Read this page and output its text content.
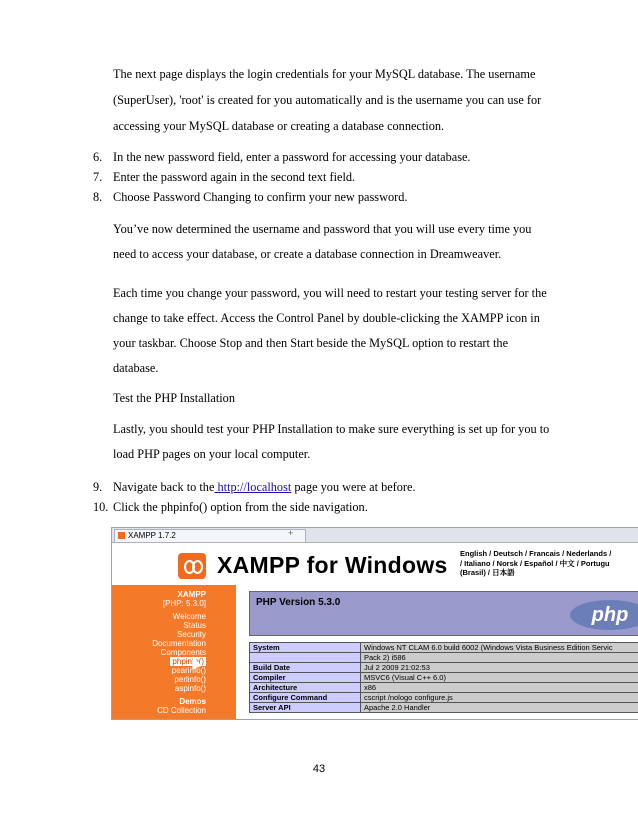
The next page displays the login credentials for your MySQL database. The username
(SuperUser), 'root' is created for you automatically and is the username you can use for
accessing your MySQL database or creating a database connection.
6. In the new password field, enter a password for accessing your database.
7. Enter the password again in the second text field.
8. Choose Password Changing to confirm your new password.
You’ve now determined the username and password that you will use every time you
need to access your database, or create a database connection in Dreamweaver.
Each time you change your password, you will need to restart your testing server for the
change to take effect. Access the Control Panel by double-clicking the XAMPP icon in
your taskbar. Choose Stop and then Start beside the MySQL option to restart the
database.
Test the PHP Installation
Lastly, you should test your PHP Installation to make sure everything is set up for you to
load PHP pages on your local computer.
9. Navigate back to the http://localhost page you were at before.
10. Click the phpinfo() option from the side navigation.
XAMPP 1.7.2	+
XAMPP for Windows English / Deutsch / Francais / Nederlands /
/ Italiano / Norsk / Español / 中文 / Portugu
(Brasil) / 日本語
XAMPP
[PHP: 5.3.0]
Welcome
Status
Security
Documentation
Components
phpinfo()
pearinfo()
perlinfo()
aspinfo()
Demos
CD Collection
PHP Version 5.3.0
php
System	Windows NT CLAM 6.0 build 6002 (Windows Vista Business Edition Servic
	Pack 2) i586
Build Date	Jul 2 2009 21:02:53
Compiler	MSVC6 (Visual C++ 6.0)
Architecture	x86
Configure Command	cscript /nologo configure.js
Server API	Apache 2.0 Handler
43
